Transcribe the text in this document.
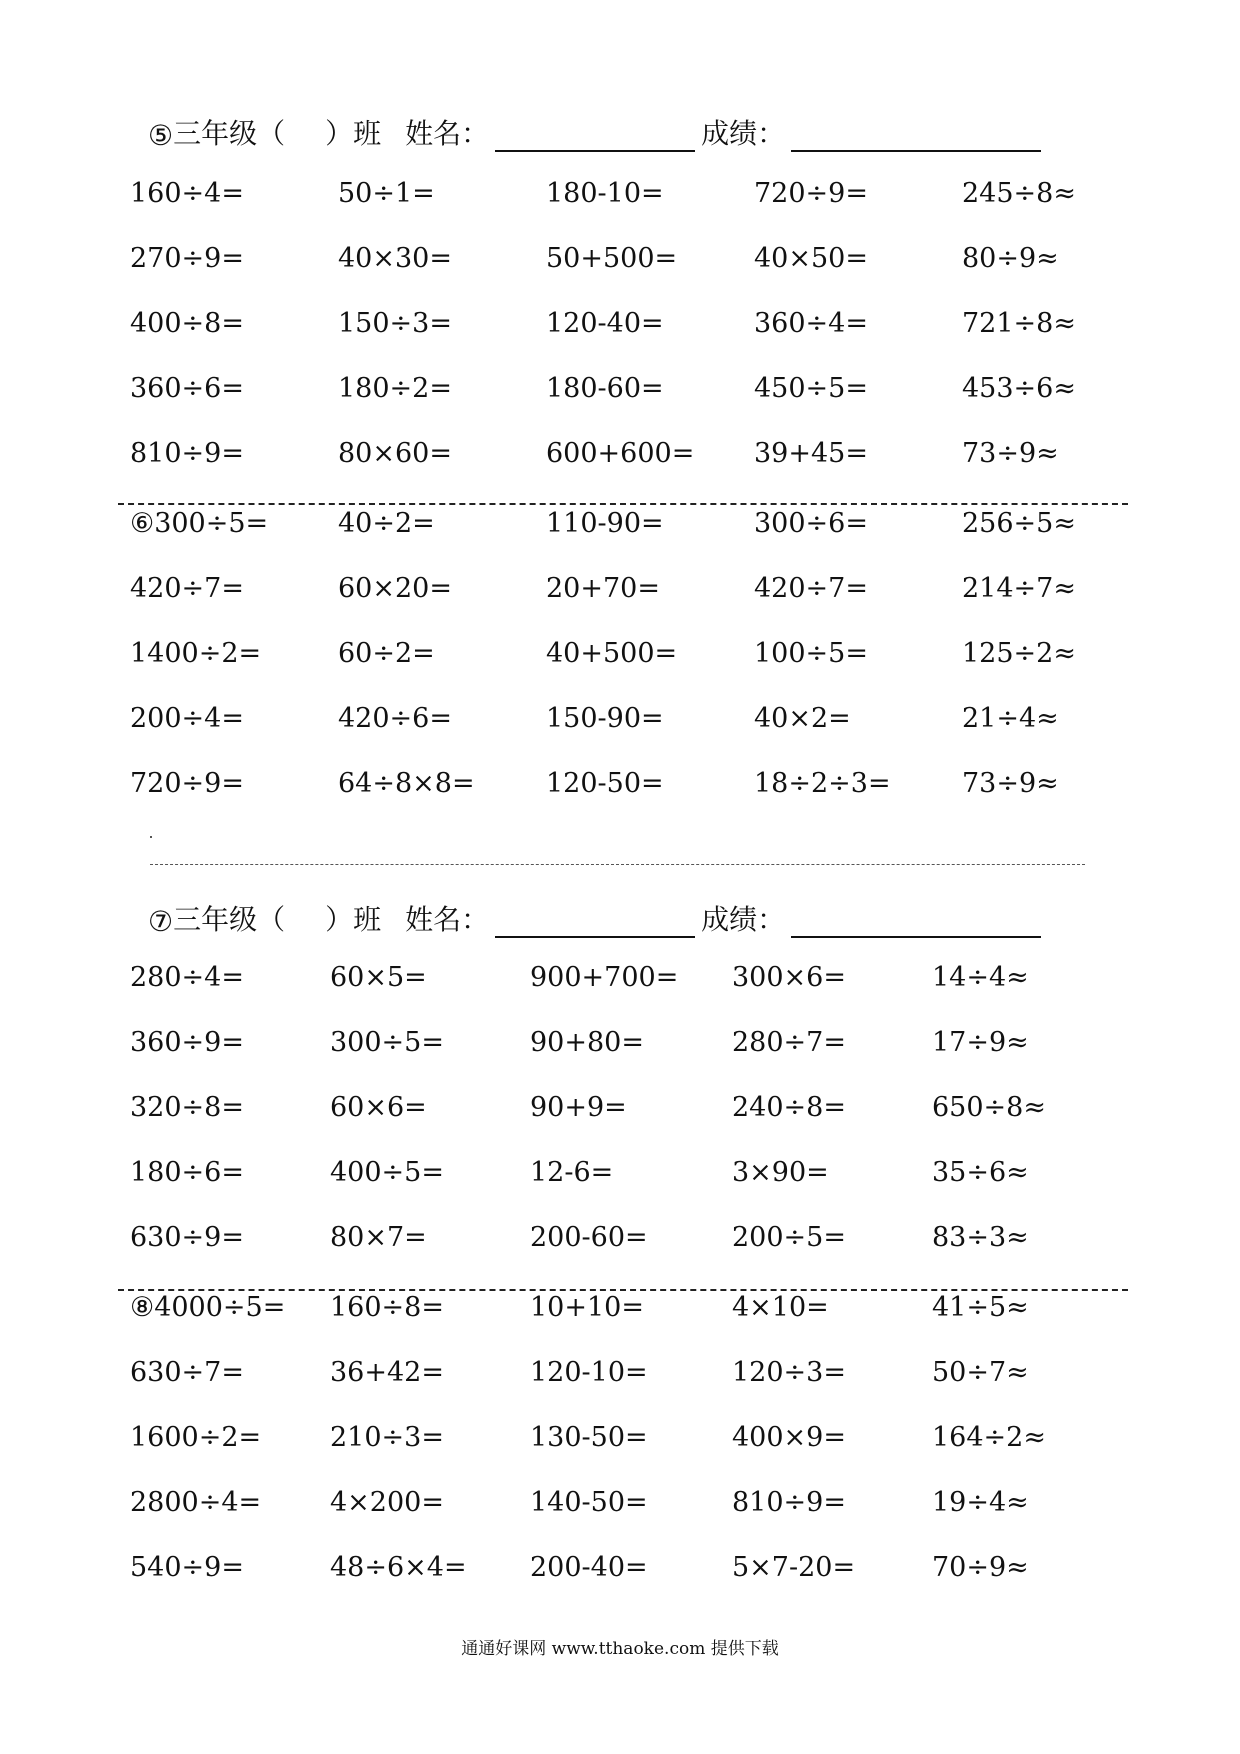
⑤ 三年级（ ）班 姓名：	成绩：
160÷4=	50÷1=	180-10=	720÷9=	245÷8≈
270÷9=	40×30=	50+500=	40×50=	80÷9≈
400÷8=	150÷3=	120-40=	360÷4=	721÷8≈
360÷6=	180÷2=	180-60=	450÷5=	453÷6≈
810÷9=	80×60=	600+600= 39+45=	73÷9≈
⑥300÷5=	40÷2=	110-90=	300÷6=	256÷5≈
420÷7=	60×20=	20+70=	420÷7=	214÷7≈
1400÷2=	60÷2=	40+500=	100÷5=	125÷2≈
200÷4=	420÷6=	150-90=	40×2=	21÷4≈
720÷9=	64÷8×8=	120-50=	18÷2÷3=	73÷9≈
⑦ 三年级（ ）班 姓名：	成绩：
280÷4=	60×5=	900+700= 300×6=	14÷4≈
360÷9=	300÷5=	90+80=	280÷7=	17÷9≈
320÷8=	60×6=	90+9=	240÷8=	650÷8≈
180÷6=	400÷5=	12-6=	3×90=	35÷6≈
630÷9=	80×7=	200-60=	200÷5=	83÷3≈
⑧4000÷5= 160÷8=	10+10=	4×10=	41÷5≈
630÷7=	36+42=	120-10=	120÷3=	50÷7≈
1600÷2=	210÷3=	130-50=	400×9=	164÷2≈
2800÷4=	4×200=	140-50=	810÷9=	19÷4≈
540÷9=	48÷6×4= 200-40=	5×7-20=	70÷9≈
通通好课网 www.tthaoke.com 提供下载
